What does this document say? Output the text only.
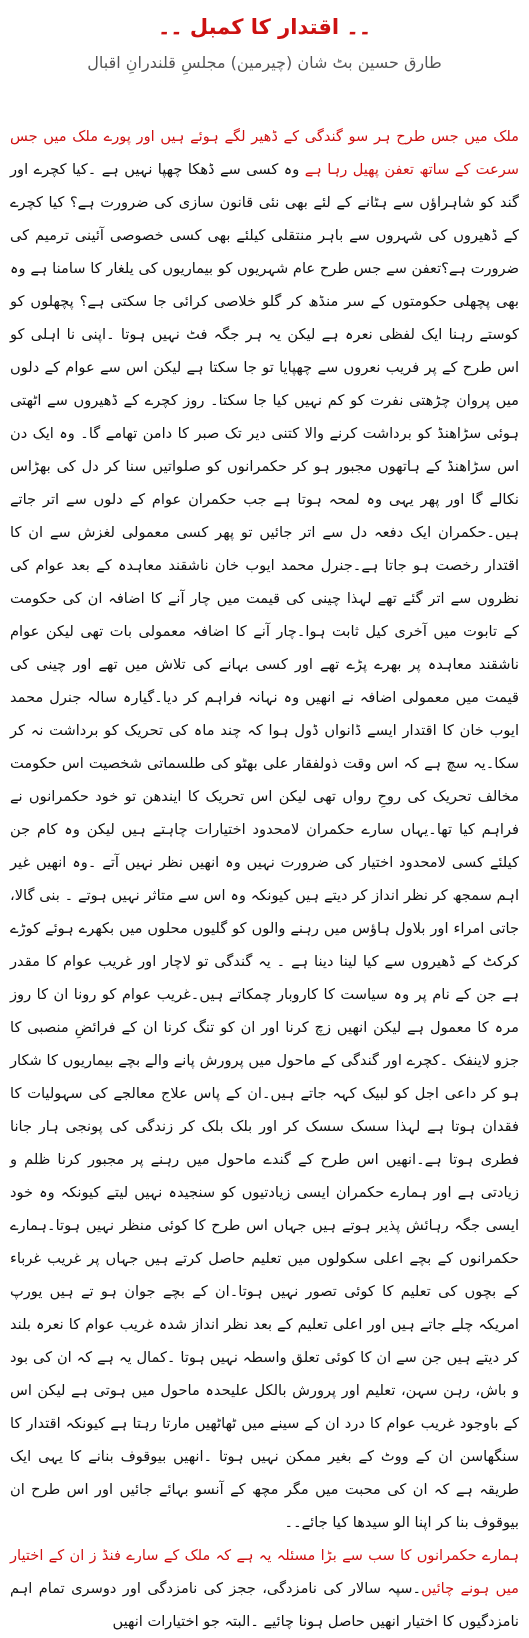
۔۔ اقتدار کا کمبل ۔۔
طارق حسین بٹ شان (چیرمین) مجلسِ قلندرانِ اقبال

ملک میں جس طرح ہر سو گندگی کے ڈھیر لگے ہوئے ہیں اور پورے ملک میں جس سرعت کے ساتھ تعفن پھیل رہا ہے وہ کسی سے ڈھکا چھپا نہیں ہے ۔کیا کچرے اور گند کو شاہراؤں سے ہٹانے کے لئے بھی نئی قانون سازی کی ضرورت ہے؟ کیا کچرے کے ڈھیروں کی شہروں سے باہر منتقلی کیلئے بھی کسی خصوصی آئینی ترمیم کی ضرورت ہے؟تعفن سے جس طرح عام شہریوں کو بیماریوں کی یلغار کا سامنا ہے وہ بھی پچھلی حکومتوں کے سر منڈھ کر گلو خلاصی کرائی جا سکتی ہے؟ پچھلوں کو کوستے رہنا ایک لفظی نعرہ ہے لیکن یہ ہر جگہ فٹ نہیں ہوتا ۔اپنی نا اہلی کو اس طرح کے پر فریب نعروں سے چھپایا تو جا سکتا ہے لیکن اس سے عوام کے دلوں میں پروان چڑھتی نفرت کو کم نہیں کیا جا سکتا۔ روز کچرے کے ڈھیروں سے اٹھتی ہوئی سڑاھنڈ کو برداشت کرنے والا کتنی دیر تک صبر کا دامن تھامے گا۔ وہ ایک دن اس سڑاھنڈ کے ہاتھوں مجبور ہو کر حکمرانوں کو صلواتیں سنا کر دل کی بھڑاس نکالے گا اور پھر یہی وہ لمحہ ہوتا ہے جب حکمران عوام کے دلوں سے اتر جاتے ہیں۔حکمران ایک دفعہ دل سے اتر جائیں تو پھر کسی معمولی لغزش سے ان کا اقتدار رخصت ہو جاتا ہے۔جنرل محمد ایوب خان ناشقند معاہدہ کے بعد عوام کی نظروں سے اتر گئے تھے لہذا چینی کی قیمت میں چار آنے کا اضافہ ان کی حکومت کے تابوت میں آخری کیل ثابت ہوا۔چار آنے کا اضافہ معمولی بات تھی لیکن عوام ناشقند معاہدہ پر بھرے پڑے تھے اور کسی بہانے کی تلاش میں تھے اور چینی کی قیمت میں معمولی اضافہ نے انھیں وہ نہانہ فراہم کر دیا۔گیارہ سالہ جنرل محمد ایوب خان کا اقتدار ایسے ڈانواں ڈول ہوا کہ چند ماہ کی تحریک کو برداشت نہ کر سکا۔یہ سچ ہے کہ اس وقت ذولفقار علی بھٹو کی طلسماتی شخصیت اس حکومت مخالف تحریک کی روحِ رواں تھی لیکن اس تحریک کا ایندھن تو خود حکمرانوں نے فراہم کیا تھا۔یہاں سارے حکمران لامحدود اختیارات چاہتے ہیں لیکن وہ کام جن کیلئے کسی لامحدود اختیار کی ضرورت نہیں وہ انھیں نظر نہیں آتے ۔وہ انھیں غیر اہم سمجھ کر نظر انداز کر دیتے ہیں کیونکہ وہ اس سے متاثر نہیں ہوتے ۔ بنی گالا، جاتی امراء اور بلاول ہاؤس میں رہنے والوں کو گلیوں محلوں میں بکھرے ہوئے کوڑے کرکٹ کے ڈھیروں سے کیا لینا دینا ہے ۔ یہ گندگی تو لاچار اور غریب عوام کا مقدر ہے جن کے نام پر وہ سیاست کا کاروبار چمکاتے ہیں۔غریب عوام کو رونا ان کا روز مرہ کا معمول ہے لیکن انھیں زچ کرنا اور ان کو تنگ کرنا ان کے فرائضِ منصبی کا جزو لاینفک ۔کچرے اور گندگی کے ماحول میں پرورش پانے والے بچے بیماریوں کا شکار ہو کر داعی اجل کو لبیک کہہ جاتے ہیں۔ان کے پاس علاج معالجے کی سہولیات کا فقدان ہوتا ہے لہذا سسک سسک کر اور بلک بلک کر زندگی کی پونجی ہار جانا فطری ہوتا ہے۔انھیں اس طرح کے گندے ماحول میں رہنے پر مجبور کرنا ظلم و زیادتی ہے اور ہمارے حکمران ایسی زیادتیوں کو سنجیدہ نہیں لیتے کیونکہ وہ خود ایسی جگہ رہائش پذیر ہوتے ہیں جہاں اس طرح کا کوئی منظر نہیں ہوتا۔ہمارے حکمرانوں کے بچے اعلی سکولوں میں تعلیم حاصل کرتے ہیں جہاں پر غریب غرباء کے بچوں کی تعلیم کا کوئی تصور نہیں ہوتا۔ان کے بچے جوان ہو تے ہیں یورپ امریکہ چلے جاتے ہیں اور اعلی تعلیم کے بعد نظر انداز شدہ غریب عوام کا نعرہ بلند کر دیتے ہیں جن سے ان کا کوئی تعلق واسطہ نہیں ہوتا ۔کمال یہ ہے کہ ان کی بود و باش، رہن سہن، تعلیم اور پرورش بالکل علیحدہ ماحول میں ہوتی ہے لیکن اس کے باوجود غریب عوام کا درد ان کے سینے میں ٹھاٹھیں مارتا رہتا ہے کیونکہ اقتدار کا سنگھاسن ان کے ووٹ کے بغیر ممکن نہیں ہوتا ۔انھیں بیوقوف بنانے کا یہی ایک طریقہ ہے کہ ان کی محبت میں مگر مچھ کے آنسو بہائے جائیں اور اس طرح ان بیوقوف بنا کر اپنا الو سیدھا کیا جائے۔۔

ہمارے حکمرانوں کا سب سے بڑا مسئلہ یہ ہے کہ ملک کے سارے فنڈ ز ان کے اختیار میں ہونے چائیں۔سپہ سالار کی نامزدگی، ججز کی نامزدگی اور دوسری تمام اہم نامزدگیوں کا اختیار انھیں حاصل ہونا چائیے ۔البتہ جو اختیارات انھیں
